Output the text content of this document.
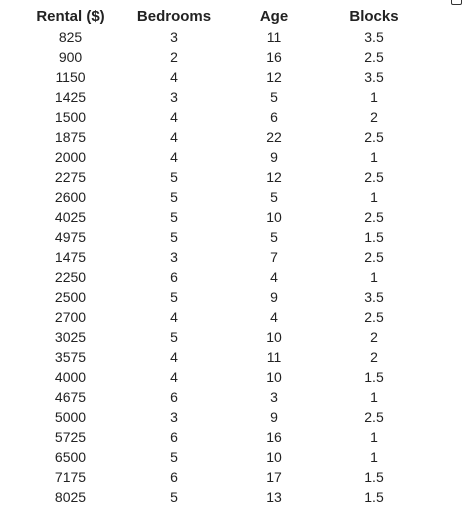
Rental ($)	Bedrooms	Age	Blocks
825	3	11	3.5
900	2	16	2.5
1150	4	12	3.5
1425	3	5	1
1500	4	6	2
1875	4	22	2.5
2000	4	9	1
2275	5	12	2.5
2600	5	5	1
4025	5	10	2.5
4975	5	5	1.5
1475	3	7	2.5
2250	6	4	1
2500	5	9	3.5
2700	4	4	2.5
3025	5	10	2
3575	4	11	2
4000	4	10	1.5
4675	6	3	1
5000	3	9	2.5
5725	6	16	1
6500	5	10	1
7175	6	17	1.5
8025	5	13	1.5
